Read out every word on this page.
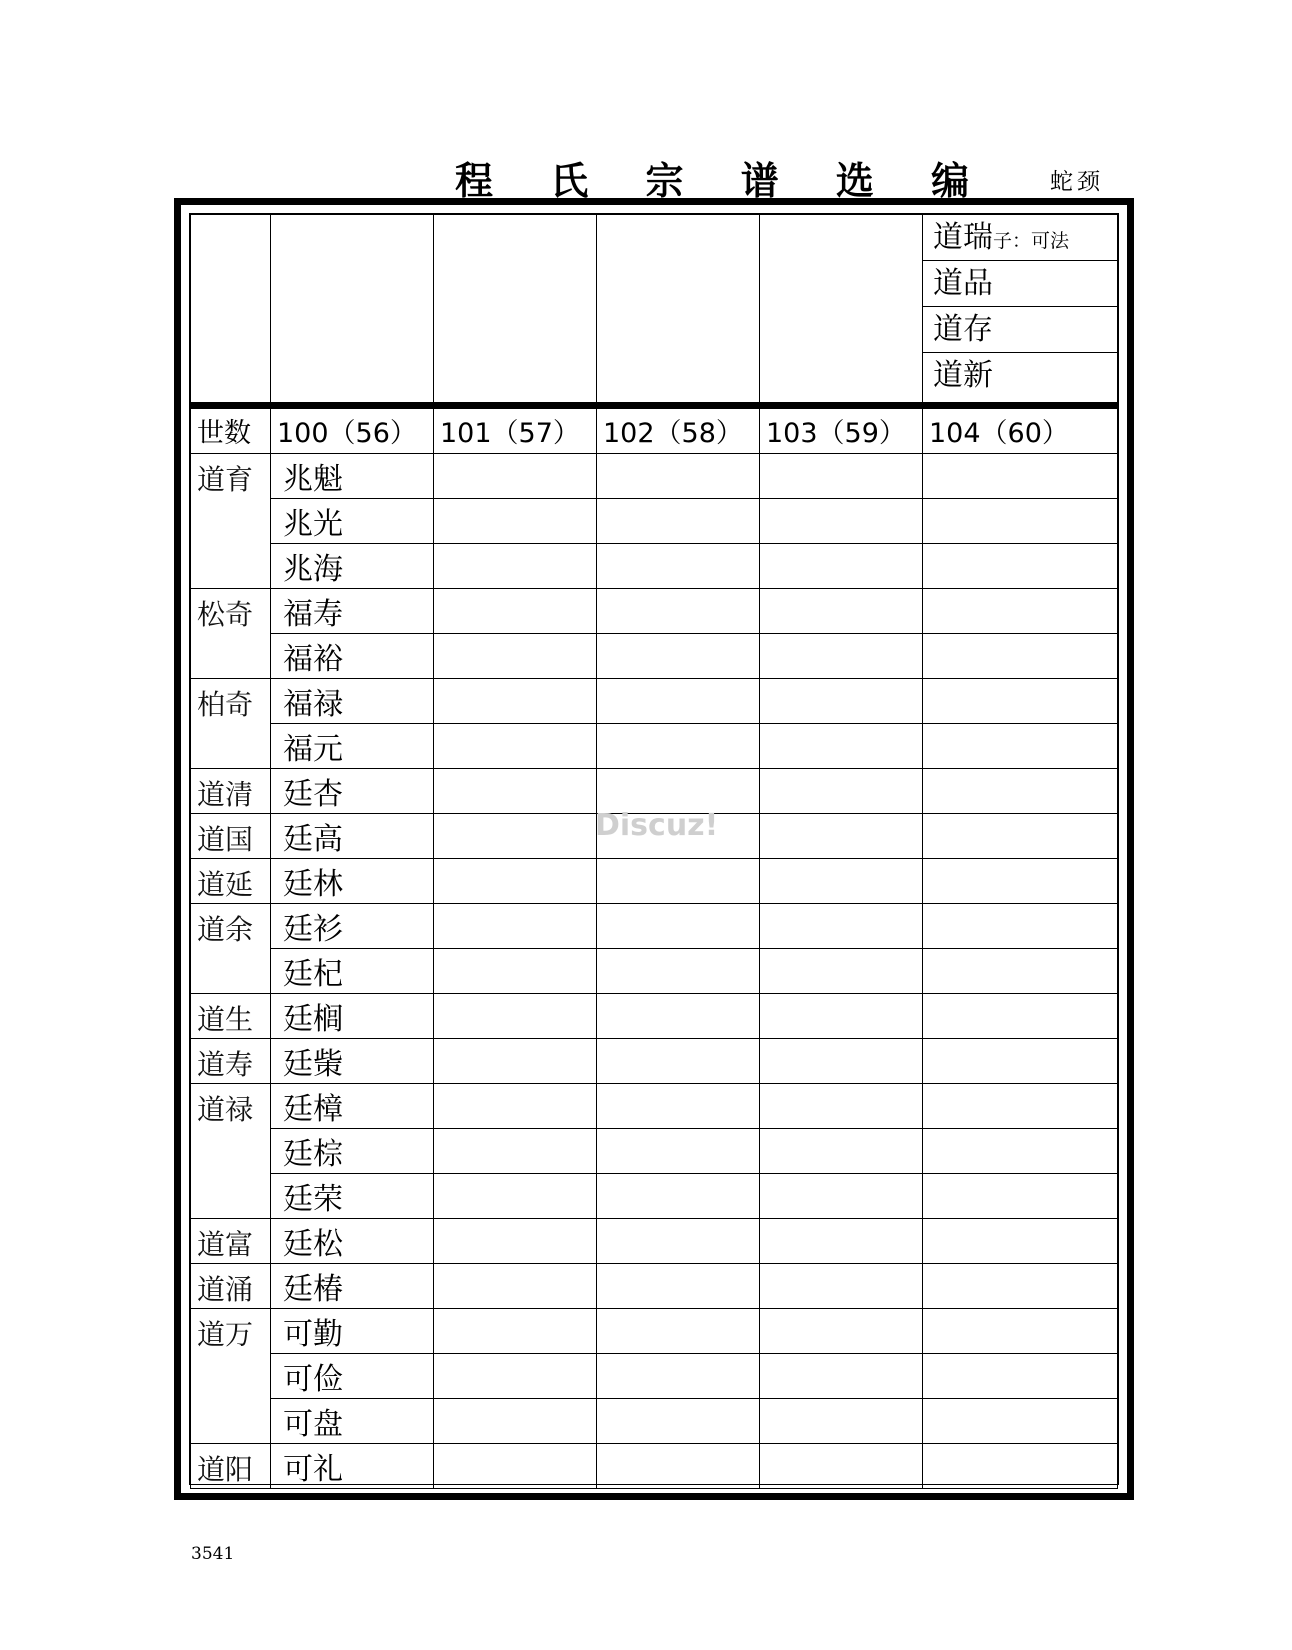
程 氏 宗 谱 选 编	蛇颈

道瑞子：可法
道品
道存
道新
世数	100（56）	101（57）	102（58）	103（59）	104（60）
道育	兆魁				
	兆光				
	兆海				
松奇	福寿				
	福裕				
柏奇	福禄				
	福元				
道清	廷杏				
道国	廷高				
道延	廷林				
道余	廷衫				
	廷杞				
道生	廷榈				
道寿	廷㭰				
道禄	廷樟				
	廷棕				
	廷荣				
道富	廷松				
道涌	廷椿				
道万	可勤				
	可俭				
	可盘				
道阳	可礼				
Discuz!
3541
